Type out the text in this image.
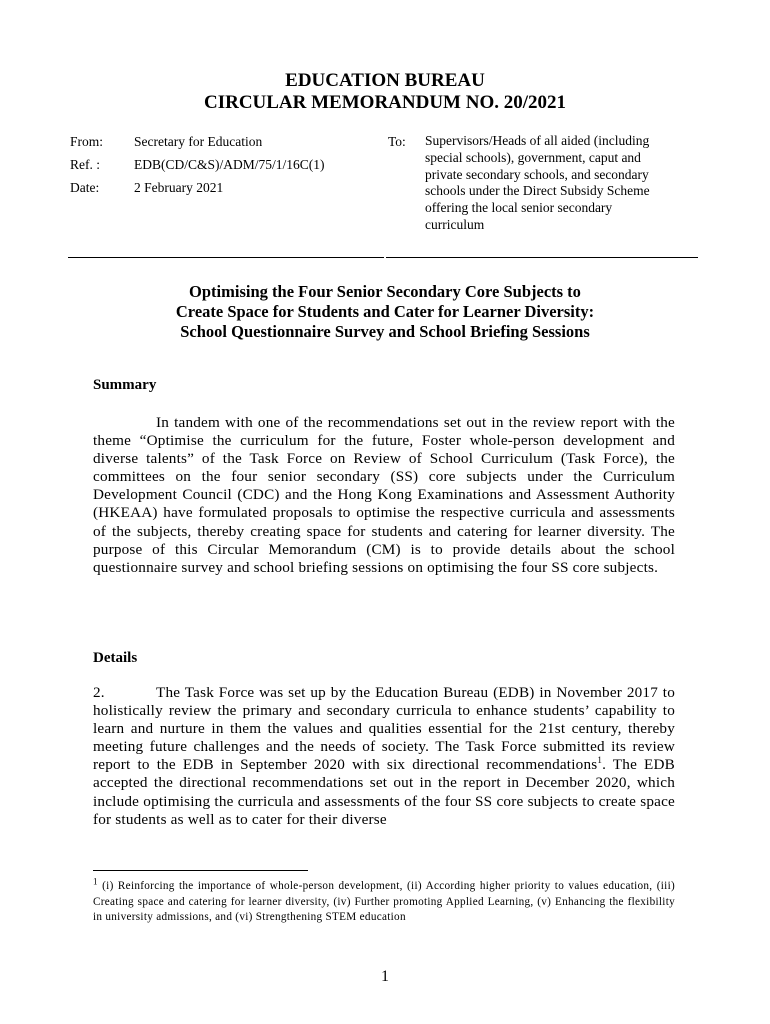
EDUCATION BUREAU
CIRCULAR MEMORANDUM NO. 20/2021
From:	Secretary for Education
Ref. :	EDB(CD/C&S)/ADM/75/1/16C(1)
Date:	2 February 2021
To:	Supervisors/Heads of all aided (including special schools), government, caput and private secondary schools, and secondary schools under the Direct Subsidy Scheme offering the local senior secondary curriculum
Optimising the Four Senior Secondary Core Subjects to
Create Space for Students and Cater for Learner Diversity:
School Questionnaire Survey and School Briefing Sessions
Summary

In tandem with one of the recommendations set out in the review report with the theme “Optimise the curriculum for the future, Foster whole-person development and diverse talents” of the Task Force on Review of School Curriculum (Task Force), the committees on the four senior secondary (SS) core subjects under the Curriculum Development Council (CDC) and the Hong Kong Examinations and Assessment Authority (HKEAA) have formulated proposals to optimise the respective curricula and assessments of the subjects, thereby creating space for students and catering for learner diversity. The purpose of this Circular Memorandum (CM) is to provide details about the school questionnaire survey and school briefing sessions on optimising the four SS core subjects.

Details

2.	The Task Force was set up by the Education Bureau (EDB) in November 2017 to holistically review the primary and secondary curricula to enhance students’ capability to learn and nurture in them the values and qualities essential for the 21st century, thereby meeting future challenges and the needs of society. The Task Force submitted its review report to the EDB in September 2020 with six directional recommendations$^1$. The EDB accepted the directional recommendations set out in the report in December 2020, which include optimising the curricula and assessments of the four SS core subjects to create space for students as well as to cater for their diverse

$^1$ (i) Reinforcing the importance of whole-person development, (ii) According higher priority to values education, (iii) Creating space and catering for learner diversity, (iv) Further promoting Applied Learning, (v) Enhancing the flexibility in university admissions, and (vi) Strengthening STEM education
1
